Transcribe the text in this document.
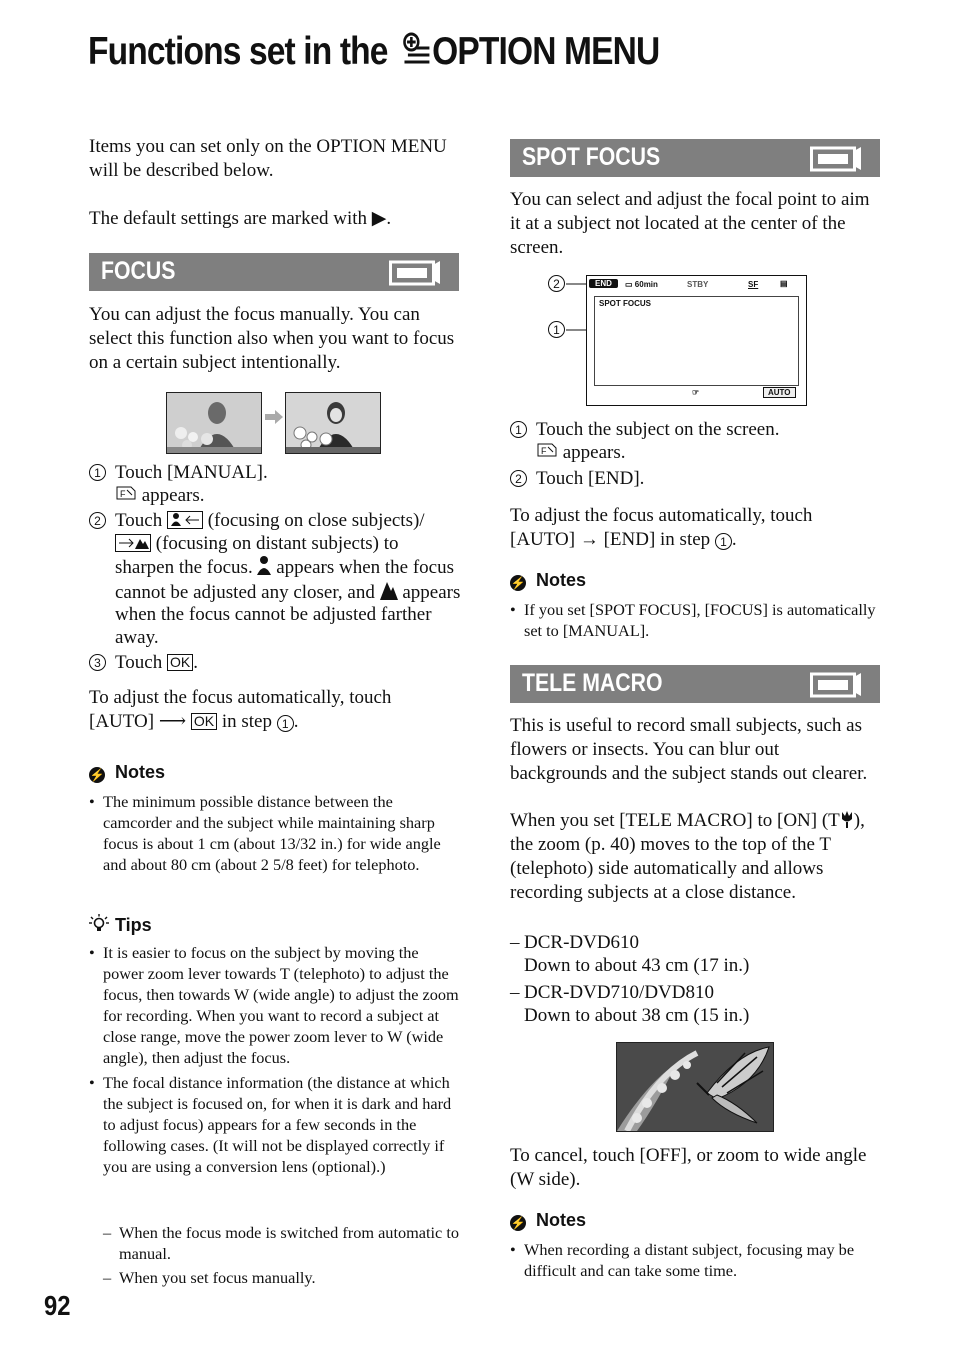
Functions set in the OPTION MENU

Items you can set only on the OPTION MENU will be described below.

The default settings are marked with ▶.

FOCUS

You can adjust the focus manually. You can select this function also when you want to focus on a certain subject intentionally.

1 Touch [MANUAL].

F appears.
2 Touch (focusing on close subjects)/
(focusing on distant subjects) to sharpen the focus. appears when the focus cannot be adjusted any closer, and appears when the focus cannot be adjusted farther away.
3 Touch OK .

To adjust the focus automatically, touch [AUTO] ⟶ OK in step 1 .

⚡ Notes
• The minimum possible distance between the camcorder and the subject while maintaining sharp focus is about 1 cm (about 13/32 in.) for wide angle and about 80 cm (about 2 5/8 feet) for telephoto.
Tips
• It is easier to focus on the subject by moving the power zoom lever towards T (telephoto) to adjust the focus, then towards W (wide angle) to adjust the zoom for recording. When you want to record a subject at close range, move the power zoom lever to W (wide angle), then adjust the focus.
• The focal distance information (the distance at which the subject is focused on, for when it is dark and hard to adjust focus) appears for a few seconds in the following cases. (It will not be displayed correctly if you are using a conversion lens (optional).)
– When the focus mode is switched from automatic to manual.
– When you set focus manually.
92
SPOT FOCUS

You can select and adjust the focal point to aim it at a subject not located at the center of the screen.

2
1
END	▭ 60min	STBY	SF	▤
SPOT FOCUS
☞	AUTO
1 Touch the subject on the screen.

F appears.
2 Touch [END].

To adjust the focus automatically, touch [AUTO] → [END] in step 1 .

⚡ Notes
• If you set [SPOT FOCUS], [FOCUS] is automatically set to [MANUAL].
TELE MACRO

This is useful to record small subjects, such as flowers or insects. You can blur out backgrounds and the subject stands out clearer.

When you set [TELE MACRO] to [ON] (T ), the zoom (p. 40) moves to the top of the T (telephoto) side automatically and allows recording subjects at a close distance.

– DCR-DVD610
Down to about 43 cm (17 in.)
– DCR-DVD710/DVD810
Down to about 38 cm (15 in.)

To cancel, touch [OFF], or zoom to wide angle (W side).

⚡ Notes
• When recording a distant subject, focusing may be difficult and can take some time.
